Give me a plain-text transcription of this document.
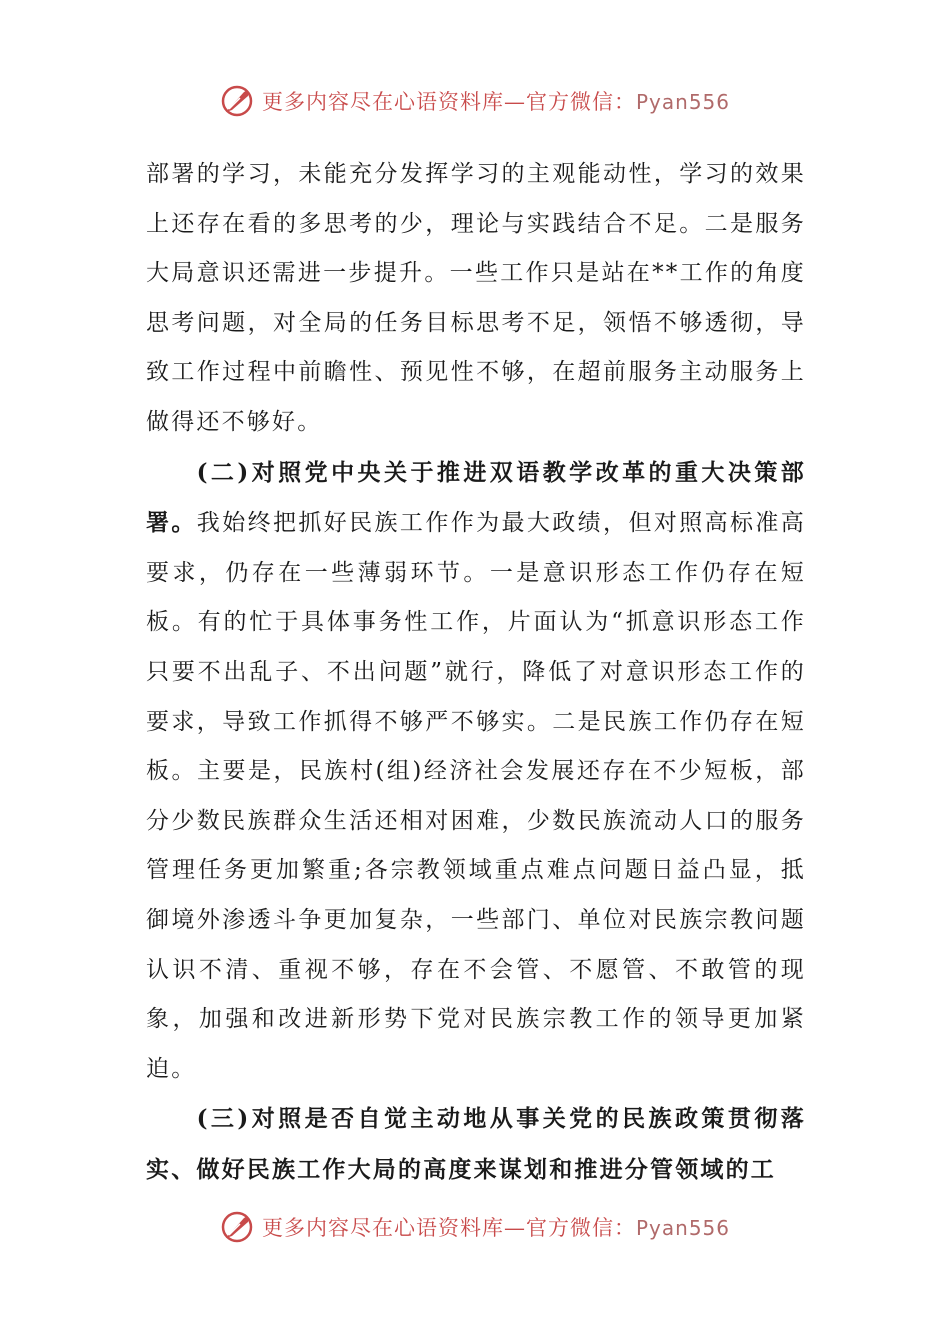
更多内容尽在心语资料库—官方微信：Pyan556

部署的学习，未能充分发挥学习的主观能动性，学习的效果上还存在看的多思考的少，理论与实践结合不足。二是服务大局意识还需进一步提升。一些工作只是站在**工作的角度思考问题，对全局的任务目标思考不足，领悟不够透彻，导致工作过程中前瞻性、预见性不够，在超前服务主动服务上做得还不够好。

(二)对照党中央关于推进双语教学改革的重大决策部署。我始终把抓好民族工作作为最大政绩，但对照高标准高要求，仍存在一些薄弱环节。一是意识形态工作仍存在短板。有的忙于具体事务性工作，片面认为“抓意识形态工作只要不出乱子、不出问题”就行，降低了对意识形态工作的要求，导致工作抓得不够严不够实。二是民族工作仍存在短板。主要是，民族村(组)经济社会发展还存在不少短板，部分少数民族群众生活还相对困难，少数民族流动人口的服务管理任务更加繁重;各宗教领域重点难点问题日益凸显，抵御境外渗透斗争更加复杂，一些部门、单位对民族宗教问题认识不清、重视不够，存在不会管、不愿管、不敢管的现象，加强和改进新形势下党对民族宗教工作的领导更加紧迫。

(三)对照是否自觉主动地从事关党的民族政策贯彻落实、做好民族工作大局的高度来谋划和推进分管领域的工

更多内容尽在心语资料库—官方微信：Pyan556
